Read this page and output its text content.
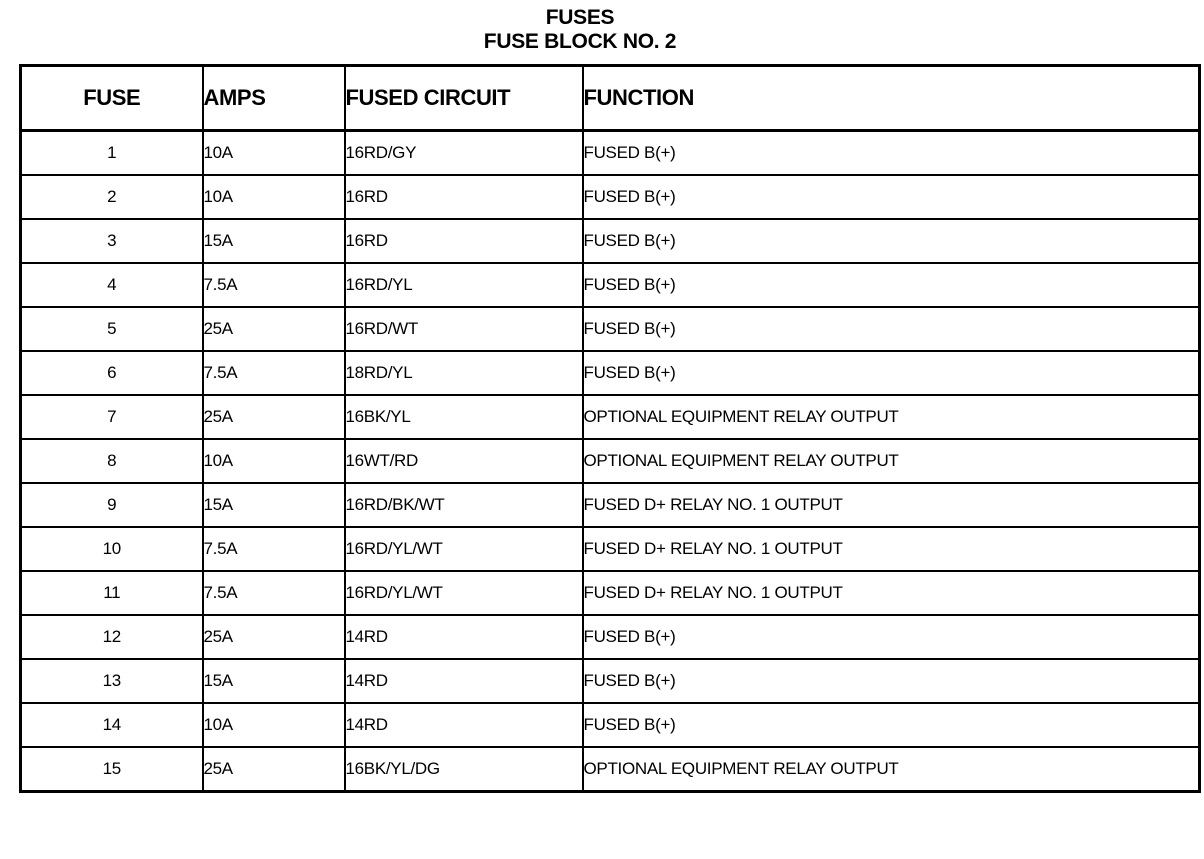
FUSES
FUSE BLOCK NO. 2
FUSE	AMPS	FUSED CIRCUIT	FUNCTION
1	10A	16RD/GY	FUSED B(+)
2	10A	16RD	FUSED B(+)
3	15A	16RD	FUSED B(+)
4	7.5A	16RD/YL	FUSED B(+)
5	25A	16RD/WT	FUSED B(+)
6	7.5A	18RD/YL	FUSED B(+)
7	25A	16BK/YL	OPTIONAL EQUIPMENT RELAY OUTPUT
8	10A	16WT/RD	OPTIONAL EQUIPMENT RELAY OUTPUT
9	15A	16RD/BK/WT	FUSED D+ RELAY NO. 1 OUTPUT
10	7.5A	16RD/YL/WT	FUSED D+ RELAY NO. 1 OUTPUT
11	7.5A	16RD/YL/WT	FUSED D+ RELAY NO. 1 OUTPUT
12	25A	14RD	FUSED B(+)
13	15A	14RD	FUSED B(+)
14	10A	14RD	FUSED B(+)
15	25A	16BK/YL/DG	OPTIONAL EQUIPMENT RELAY OUTPUT
